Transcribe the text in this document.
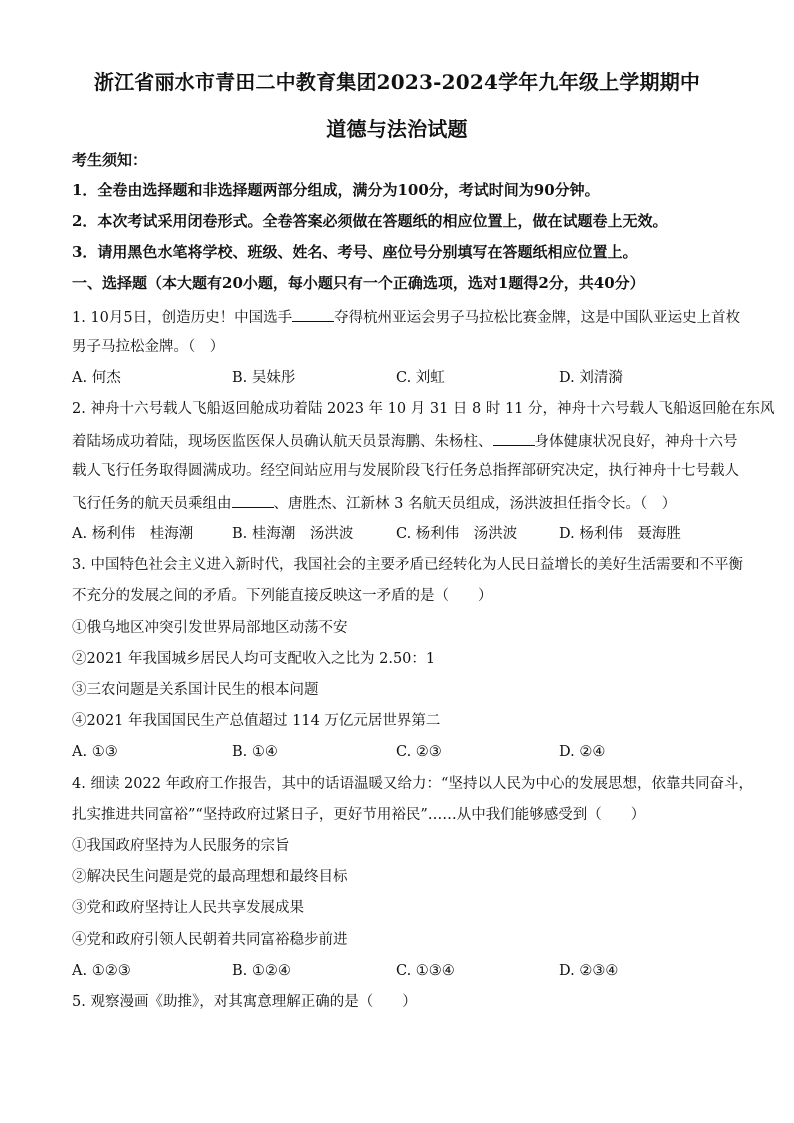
浙江省丽水市青田二中教育集团2023-2024学年九年级上学期期中
道德与法治试题
考生须知：
1．全卷由选择题和非选择题两部分组成，满分为100分，考试时间为90分钟。
2．本次考试采用闭卷形式。全卷答案必须做在答题纸的相应位置上，做在试题卷上无效。
3．请用黑色水笔将学校、班级、姓名、考号、座位号分别填写在答题纸相应位置上。
一、选择题（本大题有20小题，每小题只有一个正确选项，选对1题得2分，共40分）
1. 10月5日，创造历史！中国选手	夺得杭州亚运会男子马拉松比赛金牌，这是中国队亚运史上首枚
男子马拉松金牌。（　）
A. 何杰	B. 吴妹彤	C. 刘虹	D. 刘清漪
2. 神舟十六号载人飞船返回舱成功着陆 2023 年 10 月 31 日 8 时 11 分，神舟十六号载人飞船返回舱在东风
着陆场成功着陆，现场医监医保人员确认航天员景海鹏、朱杨柱、	身体健康状况良好，神舟十六号
载人飞行任务取得圆满成功。经空间站应用与发展阶段飞行任务总指挥部研究决定，执行神舟十七号载人
飞行任务的航天员乘组由	、唐胜杰、江新林 3 名航天员组成，汤洪波担任指令长。（　）
A. 杨利伟　桂海潮	B. 桂海潮　汤洪波	C. 杨利伟　汤洪波	D. 杨利伟　聂海胜
3. 中国特色社会主义进入新时代，我国社会的主要矛盾已经转化为人民日益增长的美好生活需要和不平衡
不充分的发展之间的矛盾。下列能直接反映这一矛盾的是（　　）
①俄乌地区冲突引发世界局部地区动荡不安
②2021 年我国城乡居民人均可支配收入之比为 2.50：1
③三农问题是关系国计民生的根本问题
④2021 年我国国民生产总值超过 114 万亿元居世界第二
A. ①③	B. ①④	C. ②③	D. ②④
4. 细读 2022 年政府工作报告，其中的话语温暖又给力：“坚持以人民为中心的发展思想，依靠共同奋斗，
扎实推进共同富裕”“坚持政府过紧日子，更好节用裕民”……从中我们能够感受到（　　）
①我国政府坚持为人民服务的宗旨
②解决民生问题是党的最高理想和最终目标
③党和政府坚持让人民共享发展成果
④党和政府引领人民朝着共同富裕稳步前进
A. ①②③	B. ①②④	C. ①③④	D. ②③④
5. 观察漫画《助推》，对其寓意理解正确的是（　　）
